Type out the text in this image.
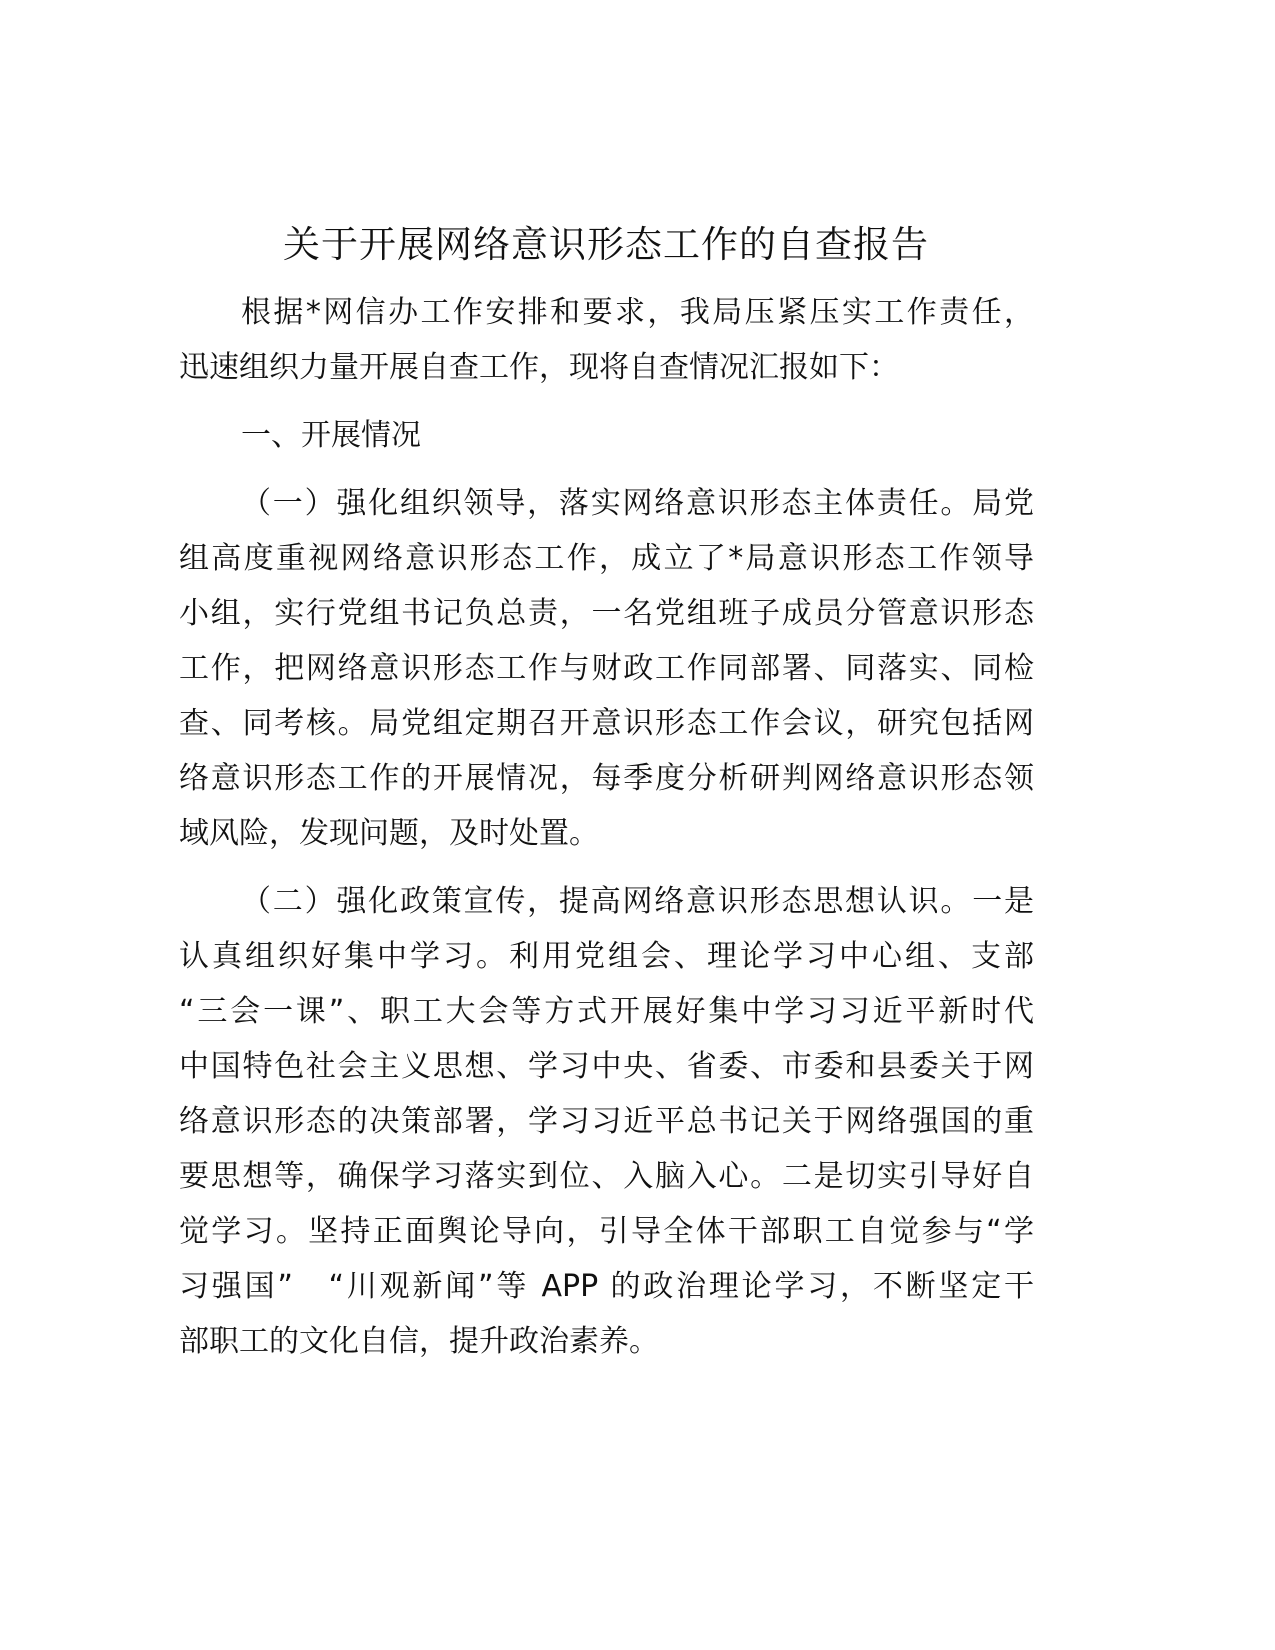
关于开展网络意识形态工作的自查报告
根据*网信办工作安排和要求，我局压紧压实工作责任，
迅速组织力量开展自查工作，现将自查情况汇报如下：
一、开展情况
（一）强化组织领导，落实网络意识形态主体责任。局党
组高度重视网络意识形态工作，成立了*局意识形态工作领导
小组，实行党组书记负总责，一名党组班子成员分管意识形态
工作，把网络意识形态工作与财政工作同部署、同落实、同检
查、同考核。局党组定期召开意识形态工作会议，研究包括网
络意识形态工作的开展情况，每季度分析研判网络意识形态领
域风险，发现问题，及时处置。
（二）强化政策宣传，提高网络意识形态思想认识。一是
认真组织好集中学习。利用党组会、理论学习中心组、支部
“三会一课”、职工大会等方式开展好集中学习习近平新时代
中国特色社会主义思想、学习中央、省委、市委和县委关于网
络意识形态的决策部署，学习习近平总书记关于网络强国的重
要思想等，确保学习落实到位、入脑入心。二是切实引导好自
觉学习。坚持正面舆论导向，引导全体干部职工自觉参与“学
习强国”　“川观新闻”等 APP 的政治理论学习，不断坚定干
部职工的文化自信，提升政治素养。
